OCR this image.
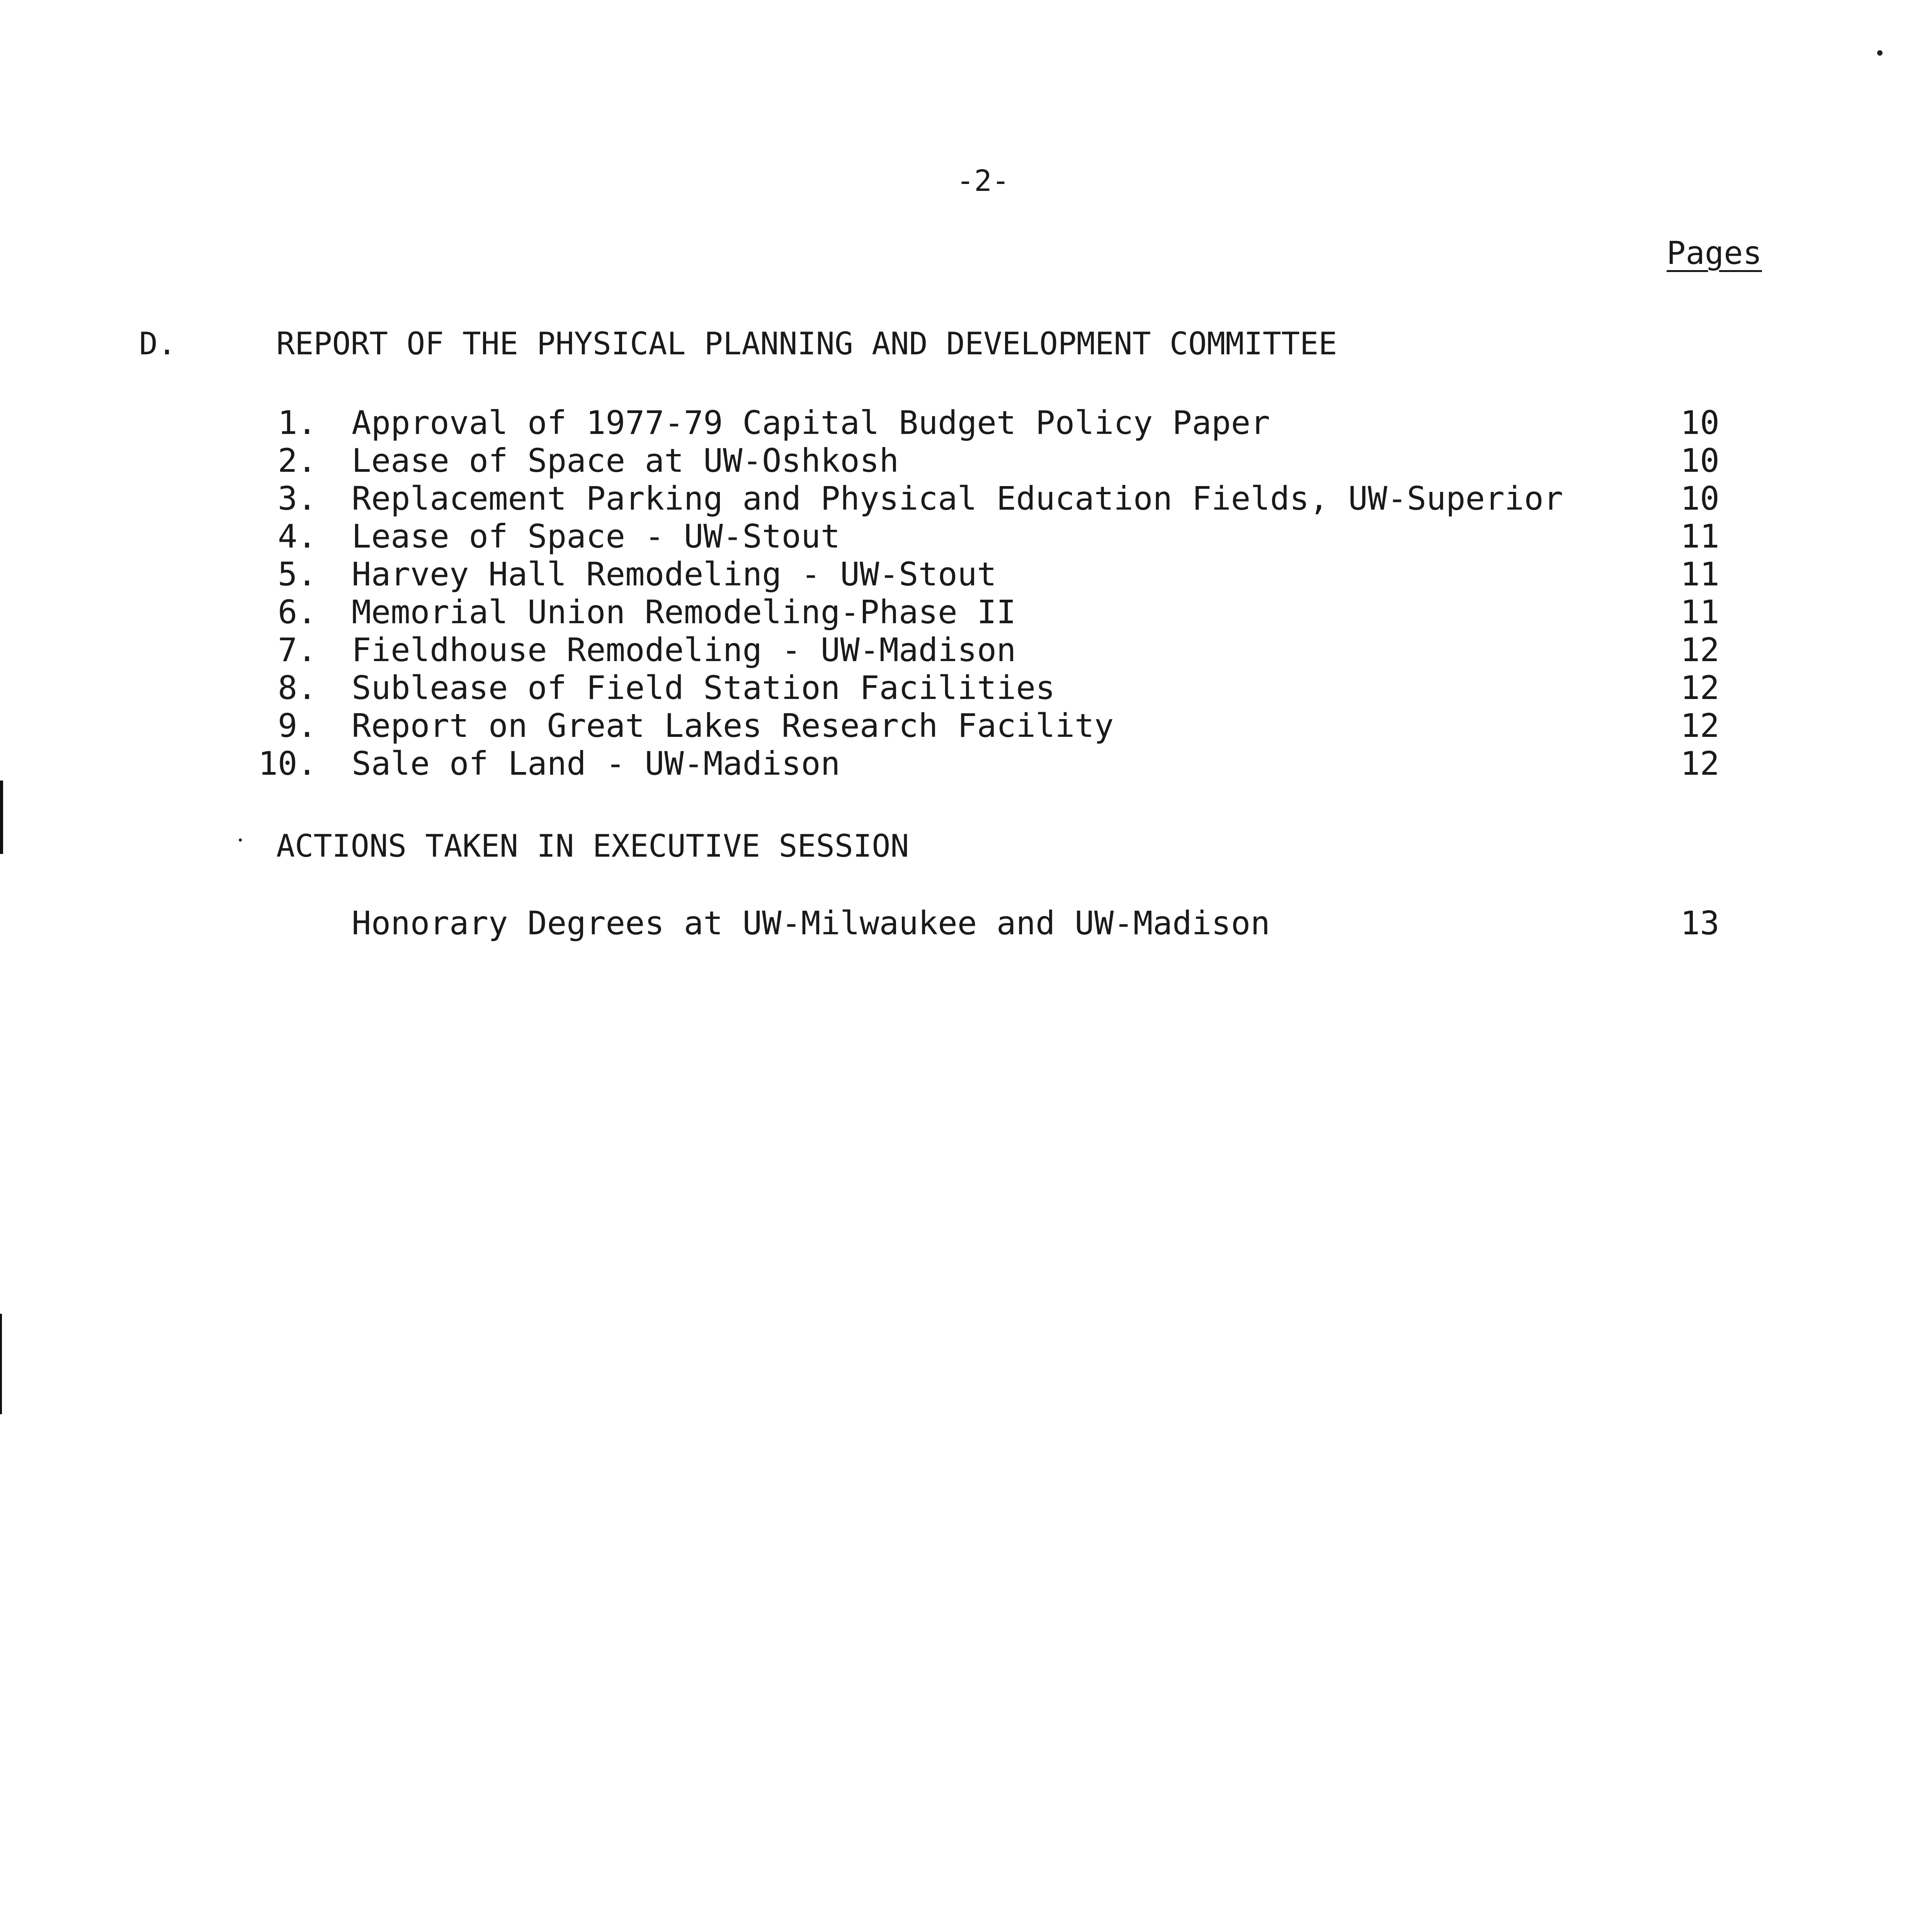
-2-
Pages
D.	REPORT OF THE PHYSICAL PLANNING AND DEVELOPMENT COMMITTEE
1. Approval of 1977-79 Capital Budget Policy Paper	10
2. Lease of Space at UW-Oshkosh	10
3. Replacement Parking and Physical Education Fields, UW-Superior	10
4. Lease of Space - UW-Stout	11
5. Harvey Hall Remodeling - UW-Stout	11
6. Memorial Union Remodeling-Phase II	11
7. Fieldhouse Remodeling - UW-Madison	12
8. Sublease of Field Station Facilities	12
9. Report on Great Lakes Research Facility	12
10. Sale of Land - UW-Madison	12
ACTIONS TAKEN IN EXECUTIVE SESSION
Honorary Degrees at UW-Milwaukee and UW-Madison	13
